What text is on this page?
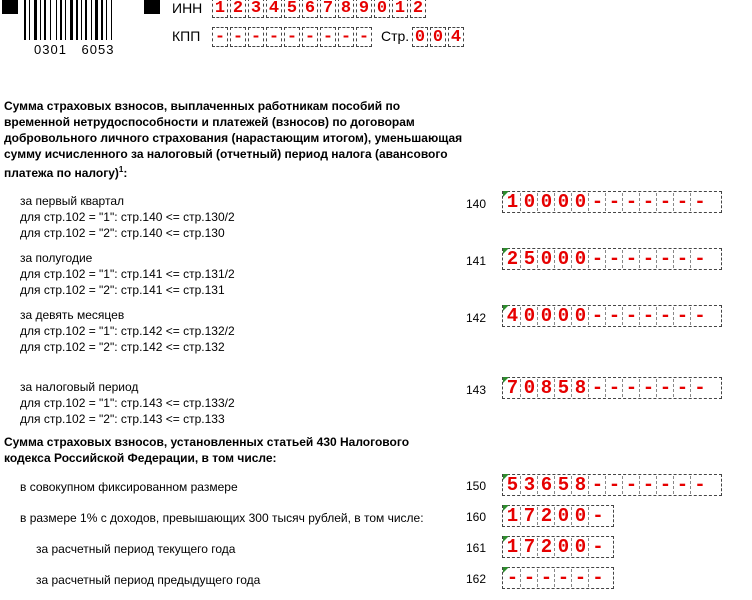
0301 6053
ИНН 1 2 3 4 5 6 7 8 9 0 1 2
КПП - - - - - - - - - Стр. 0 0 4
Сумма страховых взносов, выплаченных работникам пособий по временной нетрудоспособности и платежей (взносов) по договорам добровольного личного страхования (нарастающим итогом), уменьшающая сумму исчисленного за налоговый (отчетный) период налога (авансового платежа по налогу)$^1$:
за первый квартал
для стр.102 = "1": стр.140 <= стр.130/2
для стр.102 = "2": стр.140 <= стр.130
140 1 0 0 0 0 - - - - - - -
за полугодие
для стр.102 = "1": стр.141 <= стр.131/2
для стр.102 = "2": стр.141 <= стр.131
141 2 5 0 0 0 - - - - - - -
за девять месяцев
для стр.102 = "1": стр.142 <= стр.132/2
для стр.102 = "2": стр.142 <= стр.132
142 4 0 0 0 0 - - - - - - -
за налоговый период
для стр.102 = "1": стр.143 <= стр.133/2
для стр.102 = "2": стр.143 <= стр.133
143 7 0 8 5 8 - - - - - - -
Сумма страховых взносов, установленных статьей 430 Налогового кодекса Российской Федерации, в том числе:
в совокупном фиксированном размере	150 5 3 6 5 8 - - - - - - -
в размере 1% с доходов, превышающих 300 тысяч рублей, в том числе:	160 1 7 2 0 0 -
за расчетный период текущего года	161 1 7 2 0 0 -
за расчетный период предыдущего года	162 - - - - - -
